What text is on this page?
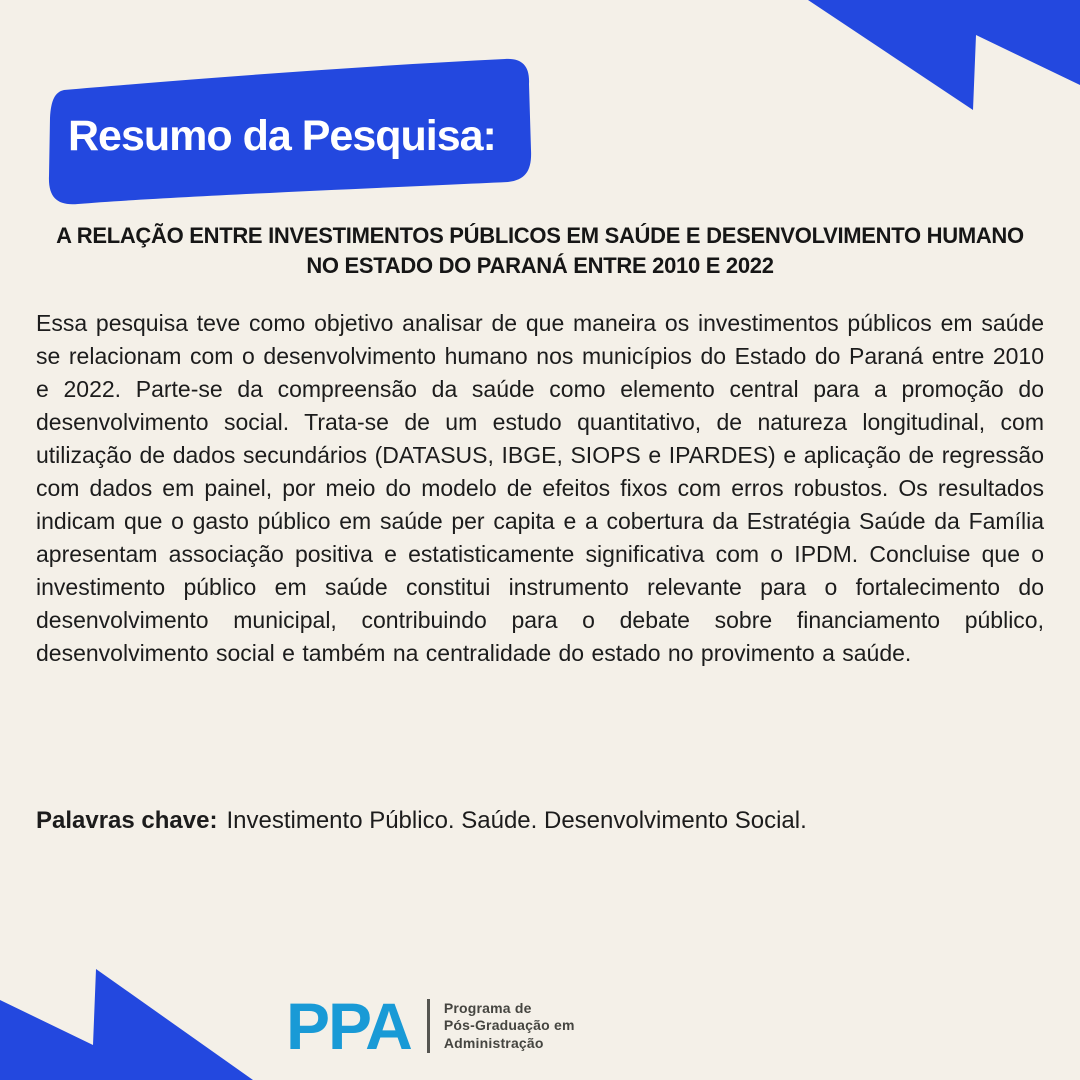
Resumo da Pesquisa:
A RELAÇÃO ENTRE INVESTIMENTOS PÚBLICOS EM SAÚDE E DESENVOLVIMENTO HUMANO
NO ESTADO DO PARANÁ ENTRE 2010 E 2022

Essa pesquisa teve como objetivo analisar de que maneira os investimentos públicos em saúde se relacionam com o desenvolvimento humano nos municípios do Estado do Paraná entre 2010 e 2022. Parte-se da compreensão da saúde como elemento central para a promoção do desenvolvimento social. Trata-se de um estudo quantitativo, de natureza longitudinal, com utilização de dados secundários (DATASUS, IBGE, SIOPS e IPARDES) e aplicação de regressão com dados em painel, por meio do modelo de efeitos fixos com erros robustos. Os resultados indicam que o gasto público em saúde per capita e a cobertura da Estratégia Saúde da Família apresentam associação positiva e estatisticamente significativa com o IPDM. Concluise que o investimento público em saúde constitui instrumento relevante para o fortalecimento do desenvolvimento municipal, contribuindo para o debate sobre financiamento público, desenvolvimento social e também na centralidade do estado no provimento a saúde.

Palavras chave: Investimento Público. Saúde. Desenvolvimento Social.

PPA Programa de
Pós-Graduação em
Administração
